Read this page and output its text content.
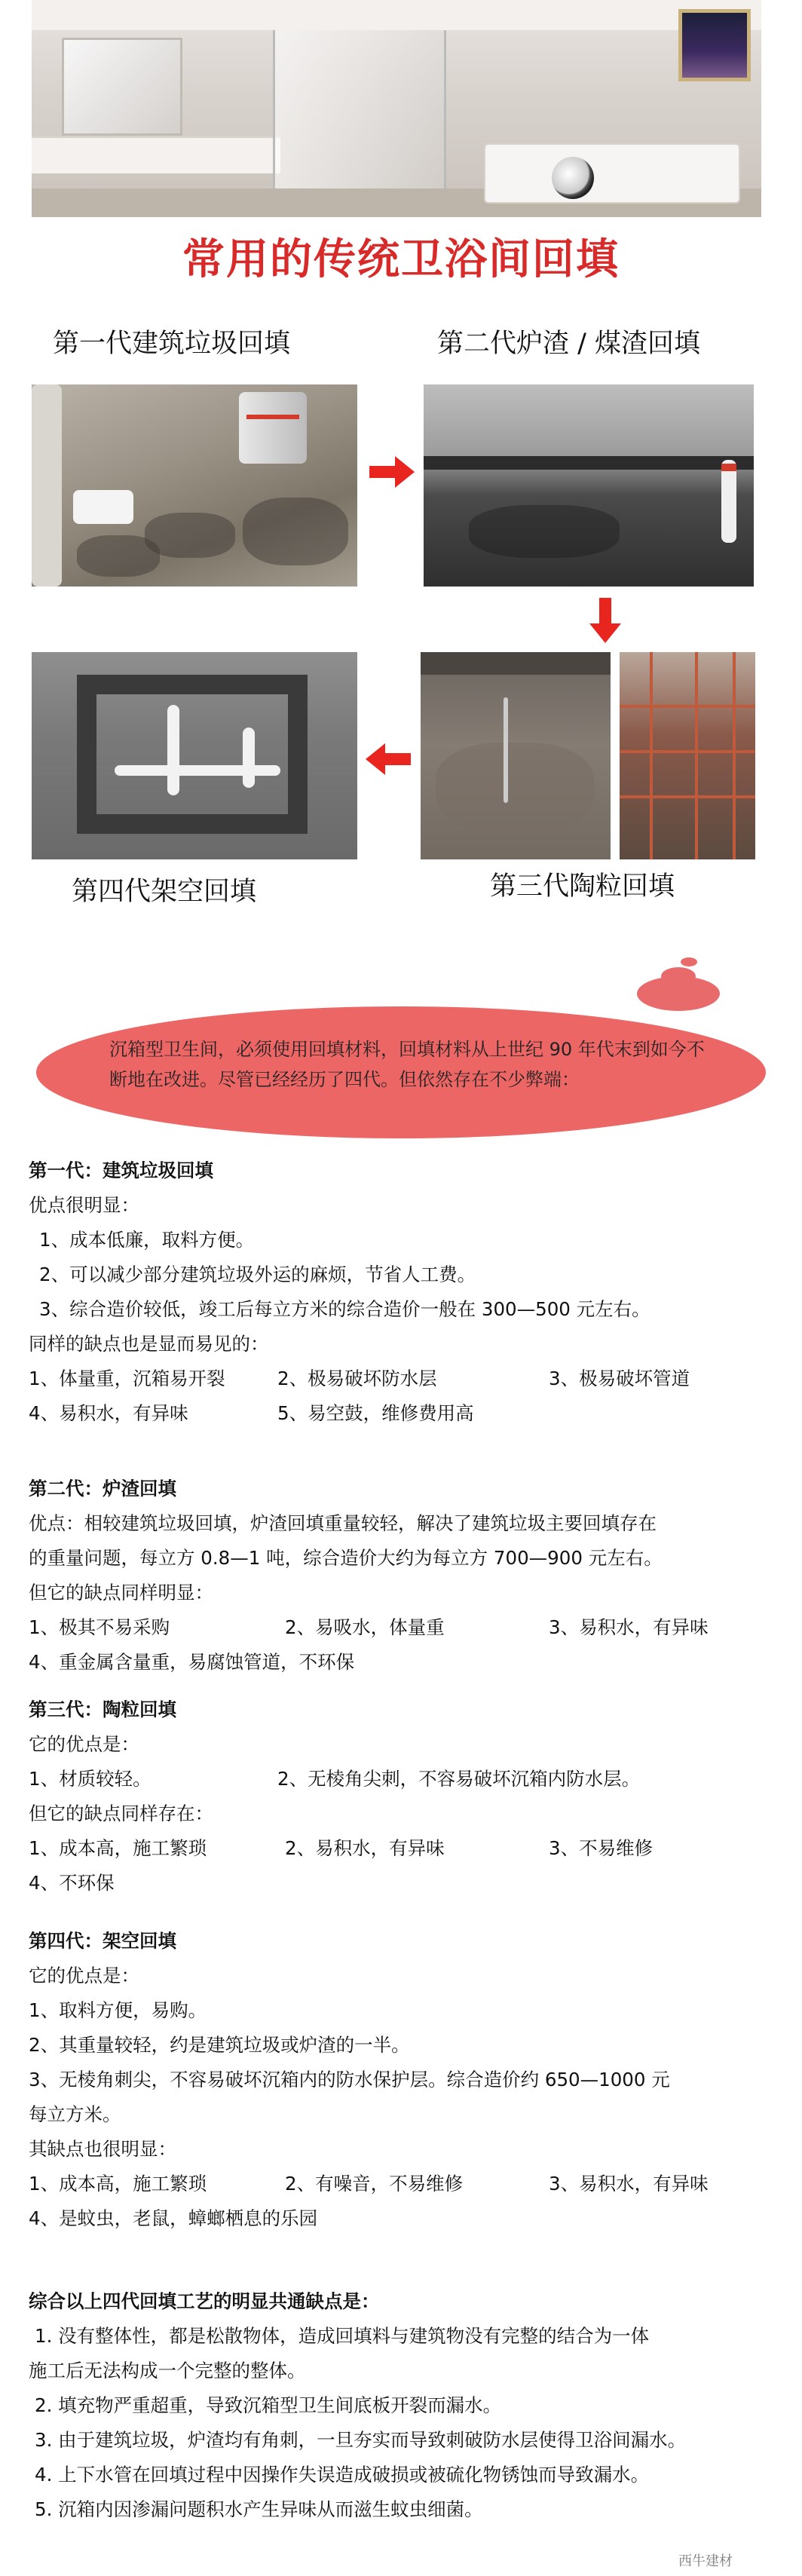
常用的传统卫浴间回填
第一代建筑垃圾回填	第二代炉渣 / 煤渣回填
第四代架空回填	第三代陶粒回填
沉箱型卫生间，必须使用回填材料，回填材料从上世纪 90 年代末到如今不断地在改进。尽管已经经历了四代。但依然存在不少弊端：
第一代：建筑垃圾回填
优点很明显：
1、成本低廉，取料方便。
2、可以减少部分建筑垃圾外运的麻烦，节省人工费。
3、综合造价较低，竣工后每立方米的综合造价一般在 300—500 元左右。
同样的缺点也是显而易见的：
1、体量重，沉箱易开裂	2、极易破坏防水层	3、极易破坏管道
4、易积水，有异味	5、易空鼓，维修费用高
第二代：炉渣回填
优点：相较建筑垃圾回填，炉渣回填重量较轻，解决了建筑垃圾主要回填存在
的重量问题，每立方 0.8—1 吨，综合造价大约为每立方 700—900 元左右。
但它的缺点同样明显：
1、极其不易采购	2、易吸水，体量重	3、易积水，有异味
4、重金属含量重，易腐蚀管道，不环保
第三代：陶粒回填
它的优点是：
1、材质较轻。	2、无棱角尖刺，不容易破坏沉箱内防水层。
但它的缺点同样存在：
1、成本高，施工繁琐	2、易积水，有异味	3、不易维修
4、不环保
第四代：架空回填
它的优点是：
1、取料方便，易购。
2、其重量较轻，约是建筑垃圾或炉渣的一半。
3、无棱角刺尖，不容易破坏沉箱内的防水保护层。综合造价约 650—1000 元
每立方米。
其缺点也很明显：
1、成本高，施工繁琐	2、有噪音，不易维修	3、易积水，有异味
4、是蚊虫，老鼠，蟑螂栖息的乐园
综合以上四代回填工艺的明显共通缺点是：
1. 没有整体性，都是松散物体，造成回填料与建筑物没有完整的结合为一体
施工后无法构成一个完整的整体。
2. 填充物严重超重，导致沉箱型卫生间底板开裂而漏水。
3. 由于建筑垃圾，炉渣均有角刺，一旦夯实而导致刺破防水层使得卫浴间漏水。
4. 上下水管在回填过程中因操作失误造成破损或被硫化物锈蚀而导致漏水。
5. 沉箱内因渗漏问题积水产生异味从而滋生蚊虫细菌。
西牛建材
